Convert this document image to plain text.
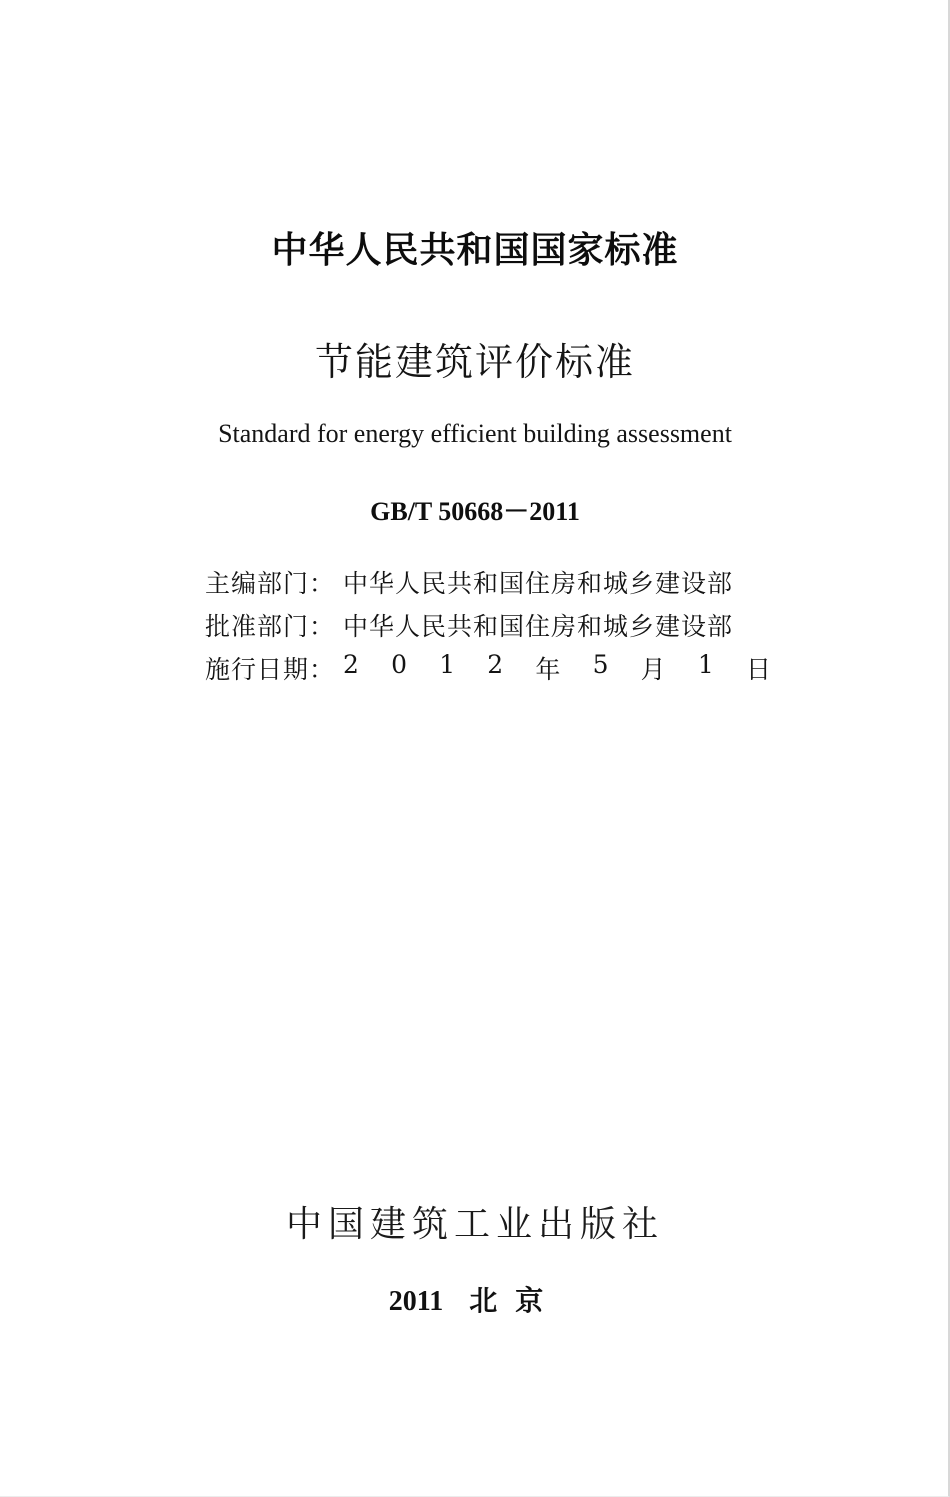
中华人民共和国国家标准
节能建筑评价标准
Standard for energy efficient building assessment
GB/T 50668－2011
主编部门： 中华人民共和国住房和城乡建设部
批准部门： 中华人民共和国住房和城乡建设部
施行日期： 2 0 1 2 年 5 月 1 日
中国建筑工业出版社
2011 北京
